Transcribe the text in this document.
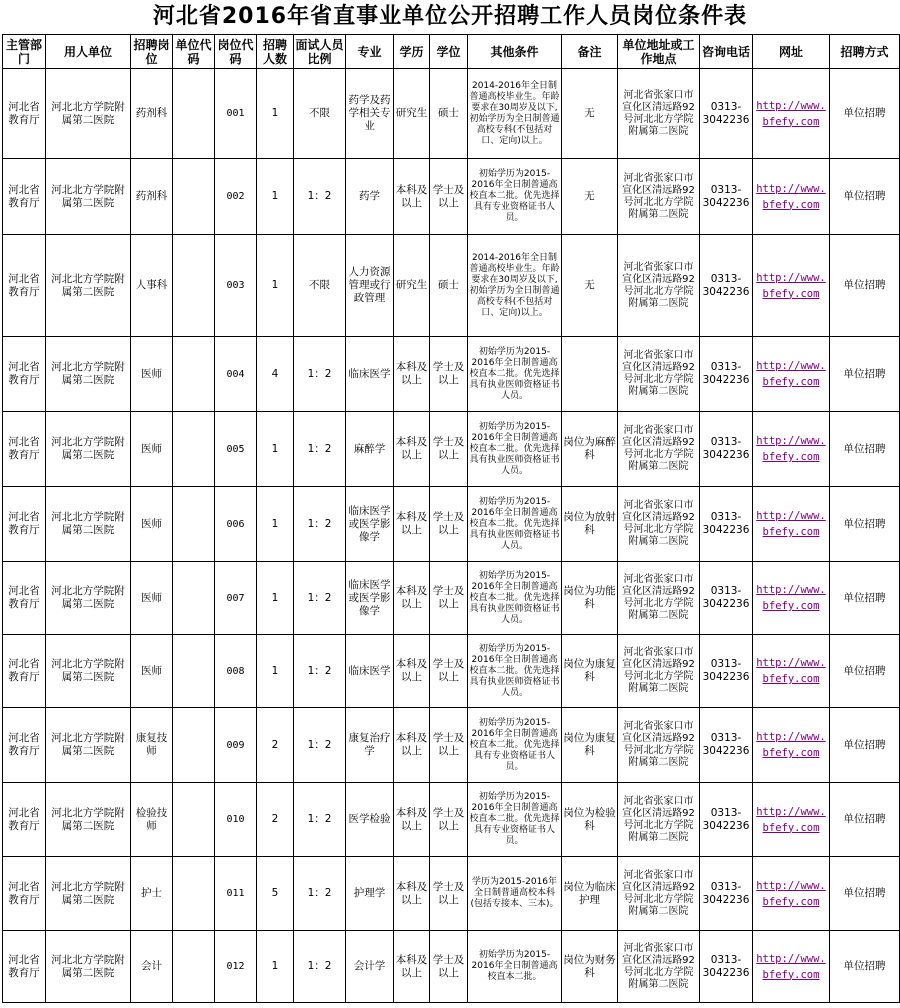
河北省2016年省直事业单位公开招聘工作人员岗位条件表
主管部门	用人单位	招聘岗位	单位代码	岗位代码	招聘人数	面试人员比例	专业	学历	学位	其他条件	备注	单位地址或工作地点	咨询电话	网址	招聘方式
河北省教育厅	河北北方学院附属第二医院	药剂科		001	1	不限	药学及药学相关专业	研究生	硕士	2014-2016年全日制普通高校毕业生。年龄要求在30周岁及以下,初始学历为全日制普通高校专科(不包括对口、定向)以上。	无	河北省张家口市宣化区清远路92号河北北方学院附属第二医院	0313-3042236	http://www.bfefy.com	单位招聘
河北省教育厅	河北北方学院附属第二医院	药剂科		002	1	1：2	药学	本科及以上	学士及以上	初始学历为2015-2016年全日制普通高校直本二批。优先选择具有专业资格证书人员。	无	河北省张家口市宣化区清远路92号河北北方学院附属第二医院	0313-3042236	http://www.bfefy.com	单位招聘
河北省教育厅	河北北方学院附属第二医院	人事科		003	1	不限	人力资源管理或行政管理	研究生	硕士	2014-2016年全日制普通高校毕业生。年龄要求在30周岁及以下,初始学历为全日制普通高校专科(不包括对口、定向)以上。	无	河北省张家口市宣化区清远路92号河北北方学院附属第二医院	0313-3042236	http://www.bfefy.com	单位招聘
河北省教育厅	河北北方学院附属第二医院	医师		004	4	1：2	临床医学	本科及以上	学士及以上	初始学历为2015-2016年全日制普通高校直本二批。优先选择具有执业医师资格证书人员。		河北省张家口市宣化区清远路92号河北北方学院附属第二医院	0313-3042236	http://www.bfefy.com	单位招聘
河北省教育厅	河北北方学院附属第二医院	医师		005	1	1：2	麻醉学	本科及以上	学士及以上	初始学历为2015-2016年全日制普通高校直本二批。优先选择具有执业医师资格证书人员。	岗位为麻醉科	河北省张家口市宣化区清远路92号河北北方学院附属第二医院	0313-3042236	http://www.bfefy.com	单位招聘
河北省教育厅	河北北方学院附属第二医院	医师		006	1	1：2	临床医学或医学影像学	本科及以上	学士及以上	初始学历为2015-2016年全日制普通高校直本二批。优先选择具有执业医师资格证书人员。	岗位为放射科	河北省张家口市宣化区清远路92号河北北方学院附属第二医院	0313-3042236	http://www.bfefy.com	单位招聘
河北省教育厅	河北北方学院附属第二医院	医师		007	1	1：2	临床医学或医学影像学	本科及以上	学士及以上	初始学历为2015-2016年全日制普通高校直本二批。优先选择具有执业医师资格证书人员。	岗位为功能科	河北省张家口市宣化区清远路92号河北北方学院附属第二医院	0313-3042236	http://www.bfefy.com	单位招聘
河北省教育厅	河北北方学院附属第二医院	医师		008	1	1：2	临床医学	本科及以上	学士及以上	初始学历为2015-2016年全日制普通高校直本二批。优先选择具有执业医师资格证书人员。	岗位为康复科	河北省张家口市宣化区清远路92号河北北方学院附属第二医院	0313-3042236	http://www.bfefy.com	单位招聘
河北省教育厅	河北北方学院附属第二医院	康复技师		009	2	1：2	康复治疗学	本科及以上	学士及以上	初始学历为2015-2016年全日制普通高校直本二批。优先选择具有专业资格证书人员。	岗位为康复科	河北省张家口市宣化区清远路92号河北北方学院附属第二医院	0313-3042236	http://www.bfefy.com	单位招聘
河北省教育厅	河北北方学院附属第二医院	检验技师		010	2	1：2	医学检验	本科及以上	学士及以上	初始学历为2015-2016年全日制普通高校直本二批。优先选择具有专业资格证书人员。	岗位为检验科	河北省张家口市宣化区清远路92号河北北方学院附属第二医院	0313-3042236	http://www.bfefy.com	单位招聘
河北省教育厅	河北北方学院附属第二医院	护士		011	5	1：2	护理学	本科及以上	学士及以上	学历为2015-2016年全日制普通高校本科(包括专接本、三本)。	岗位为临床护理	河北省张家口市宣化区清远路92号河北北方学院附属第二医院	0313-3042236	http://www.bfefy.com	单位招聘
河北省教育厅	河北北方学院附属第二医院	会计		012	1	1：2	会计学	本科及以上	学士及以上	初始学历为2015-2016年全日制普通高校直本二批。	岗位为财务科	河北省张家口市宣化区清远路92号河北北方学院附属第二医院	0313-3042236	http://www.bfefy.com	单位招聘
